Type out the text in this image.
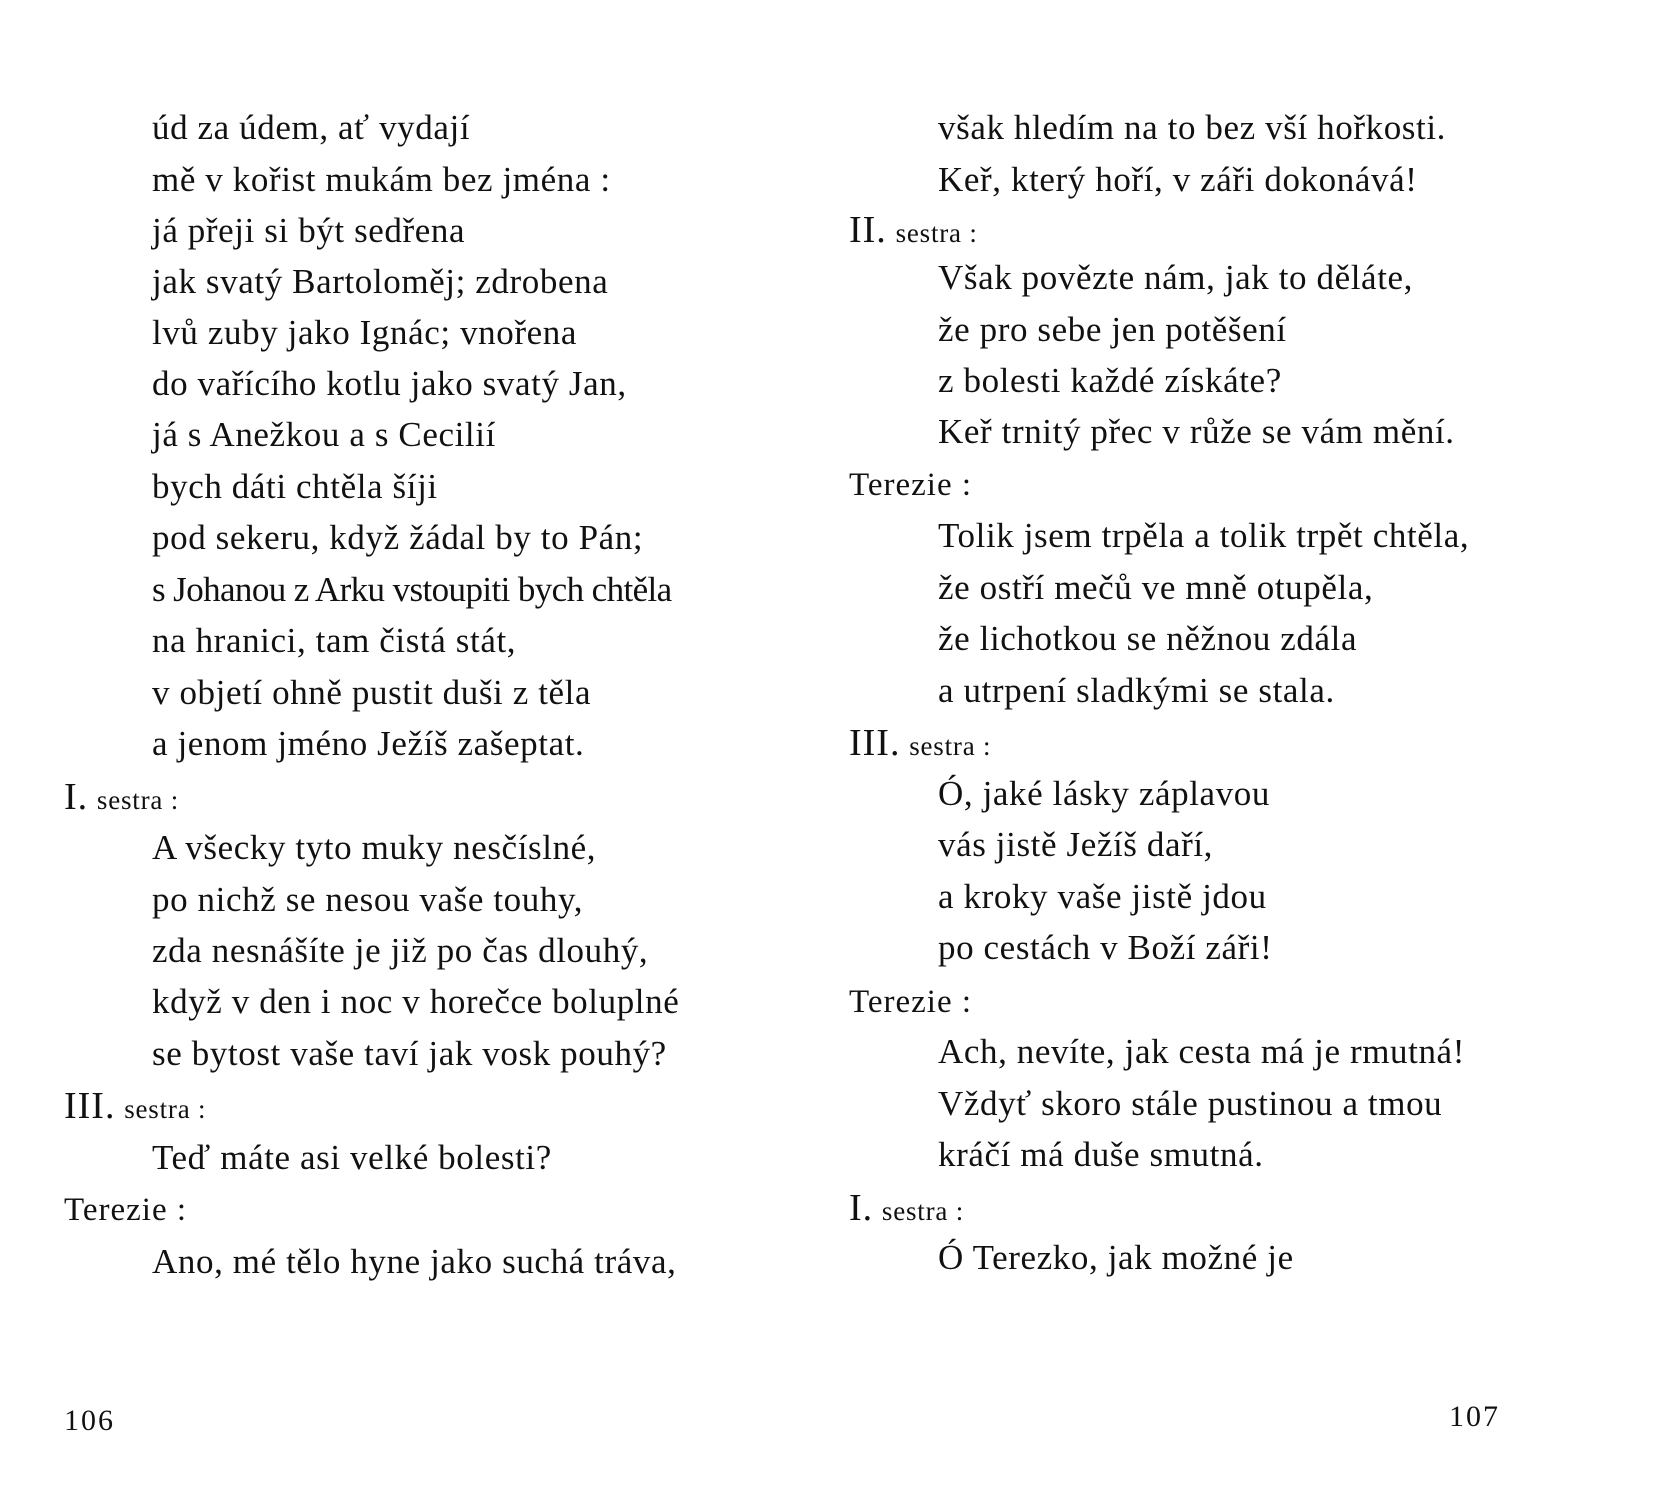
úd za údem, ať vydají
mě v kořist mukám bez jména :
já přeji si být sedřena
jak svatý Bartoloměj; zdrobena
lvů zuby jako Ignác; vnořena
do vařícího kotlu jako svatý Jan,
já s Anežkou a s Cecilií
bych dáti chtěla šíji
pod sekeru, když žádal by to Pán;
s Johanou z Arku vstoupiti bych chtěla
na hranici, tam čistá stát,
v objetí ohně pustit duši z těla
a jenom jméno Ježíš zašeptat.
I. sestra :
A všecky tyto muky nesčíslné,
po nichž se nesou vaše touhy,
zda nesnášíte je již po čas dlouhý,
když v den i noc v horečce boluplné
se bytost vaše taví jak vosk pouhý?
III. sestra :
Teď máte asi velké bolesti?
Terezie :
Ano, mé tělo hyne jako suchá tráva,
106
však hledím na to bez vší hořkosti.
Keř, který hoří, v záři dokonává!
II. sestra :
Však povězte nám, jak to děláte,
že pro sebe jen potěšení
z bolesti každé získáte?
Keř trnitý přec v růže se vám mění.
Terezie :
Tolik jsem trpěla a tolik trpět chtěla,
že ostří mečů ve mně otupěla,
že lichotkou se něžnou zdála
a utrpení sladkými se stala.
III. sestra :
Ó, jaké lásky záplavou
vás jistě Ježíš daří,
a kroky vaše jistě jdou
po cestách v Boží záři!
Terezie :
Ach, nevíte, jak cesta má je rmutná!
Vždyť skoro stále pustinou a tmou
kráčí má duše smutná.
I. sestra :
Ó Terezko, jak možné je
107
